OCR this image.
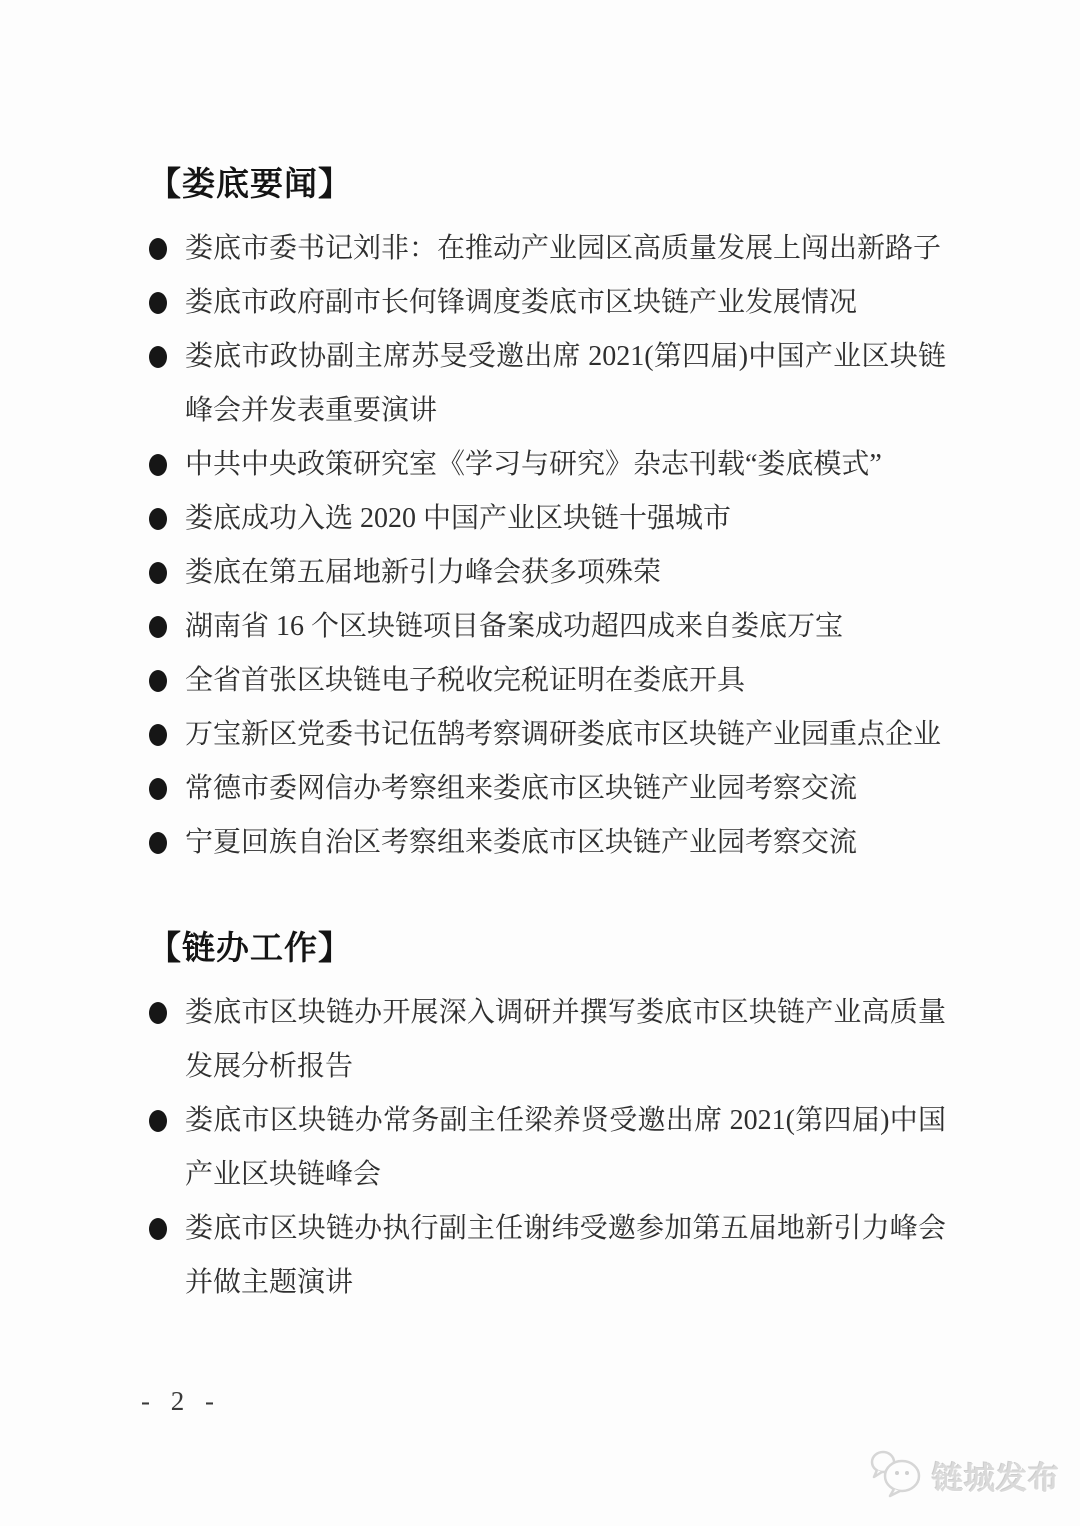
【娄底要闻】
娄底市委书记刘非：在推动产业园区高质量发展上闯出新路子
娄底市政府副市长何锋调度娄底市区块链产业发展情况
娄底市政协副主席苏旻受邀出席 2021(第四届)中国产业区块链峰会并发表重要演讲
中共中央政策研究室《学习与研究》杂志刊载“娄底模式”
娄底成功入选 2020 中国产业区块链十强城市
娄底在第五届地新引力峰会获多项殊荣
湖南省 16 个区块链项目备案成功超四成来自娄底万宝
全省首张区块链电子税收完税证明在娄底开具
万宝新区党委书记伍鹄考察调研娄底市区块链产业园重点企业
常德市委网信办考察组来娄底市区块链产业园考察交流
宁夏回族自治区考察组来娄底市区块链产业园考察交流
【链办工作】
娄底市区块链办开展深入调研并撰写娄底市区块链产业高质量发展分析报告
娄底市区块链办常务副主任梁养贤受邀出席 2021(第四届)中国产业区块链峰会
娄底市区块链办执行副主任谢纬受邀参加第五届地新引力峰会并做主题演讲
- 2 -
链城发布
